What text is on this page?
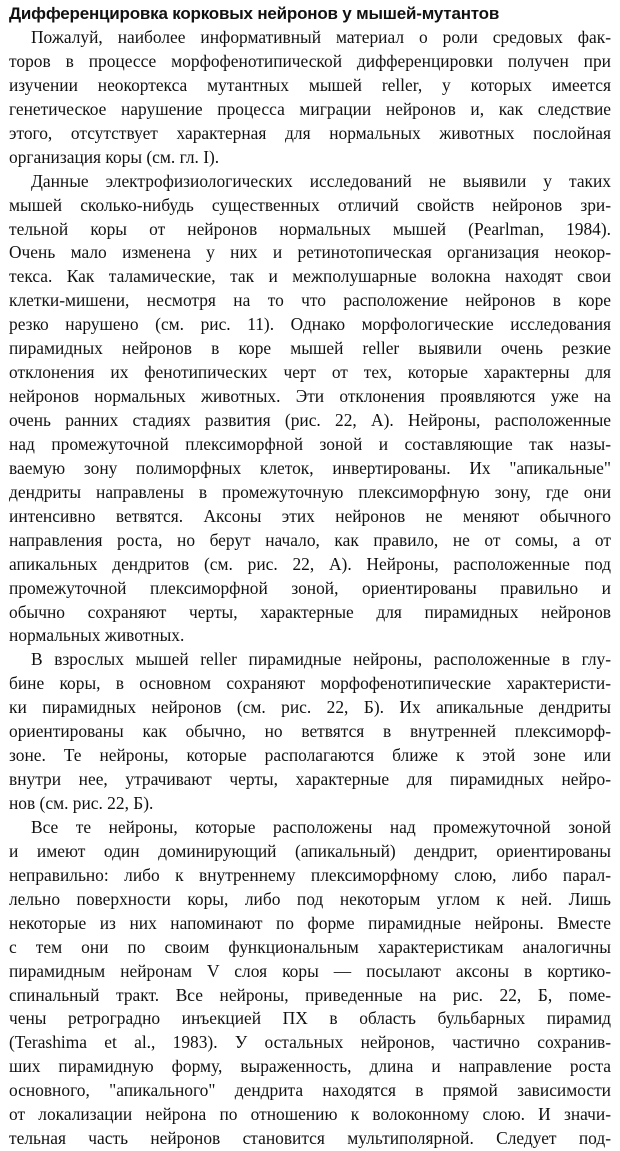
Дифференцировка корковых нейронов у мышей-мутантов
Пожалуй, наиболее информативный материал о роли средовых фак-
торов в процессе морфофенотипической дифференцировки получен при
изучении неокортекса мутантных мышей reller, у которых имеется
генетическое нарушение процесса миграции нейронов и, как следствие
этого, отсутствует характерная для нормальных животных послойная
организация коры (см. гл. I).
Данные электрофизиологических исследований не выявили у таких
мышей сколько-нибудь существенных отличий свойств нейронов зри-
тельной коры от нейронов нормальных мышей (Pearlman, 1984).
Очень мало изменена у них и ретинотопическая организация неокор-
текса. Как таламические, так и межполушарные волокна находят свои
клетки-мишени, несмотря на то что расположение нейронов в коре
резко нарушено (см. рис. 11). Однако морфологические исследования
пирамидных нейронов в коре мышей reller выявили очень резкие
отклонения их фенотипических черт от тех, которые характерны для
нейронов нормальных животных. Эти отклонения проявляются уже на
очень ранних стадиях развития (рис. 22, А). Нейроны, расположенные
над промежуточной плексиморфной зоной и составляющие так назы-
ваемую зону полиморфных клеток, инвертированы. Их "апикальные"
дендриты направлены в промежуточную плексиморфную зону, где они
интенсивно ветвятся. Аксоны этих нейронов не меняют обычного
направления роста, но берут начало, как правило, не от сомы, а от
апикальных дендритов (см. рис. 22, А). Нейроны, расположенные под
промежуточной плексиморфной зоной, ориентированы правильно и
обычно сохраняют черты, характерные для пирамидных нейронов
нормальных животных.
В взрослых мышей reller пирамидные нейроны, расположенные в глу-
бине коры, в основном сохраняют морфофенотипические характеристи-
ки пирамидных нейронов (см. рис. 22, Б). Их апикальные дендриты
ориентированы как обычно, но ветвятся в внутренней плексиморф-
зоне. Те нейроны, которые располагаются ближе к этой зоне или
внутри нее, утрачивают черты, характерные для пирамидных нейро-
нов (см. рис. 22, Б).
Все те нейроны, которые расположены над промежуточной зоной
и имеют один доминирующий (апикальный) дендрит, ориентированы
неправильно: либо к внутреннему плексиморфному слою, либо парал-
лельно поверхности коры, либо под некоторым углом к ней. Лишь
некоторые из них напоминают по форме пирамидные нейроны. Вместе
с тем они по своим функциональным характеристикам аналогичны
пирамидным нейронам V слоя коры — посылают аксоны в кортико-
спинальный тракт. Все нейроны, приведенные на рис. 22, Б, поме-
чены ретроградно инъекцией ПХ в область бульбарных пирамид
(Terashima et al., 1983). У остальных нейронов, частично сохранив-
ших пирамидную форму, выраженность, длина и направление роста
основного, "апикального" дендрита находятся в прямой зависимости
от локализации нейрона по отношению к волоконному слою. И значи-
тельная часть нейронов становится мультиполярной. Следует под-
